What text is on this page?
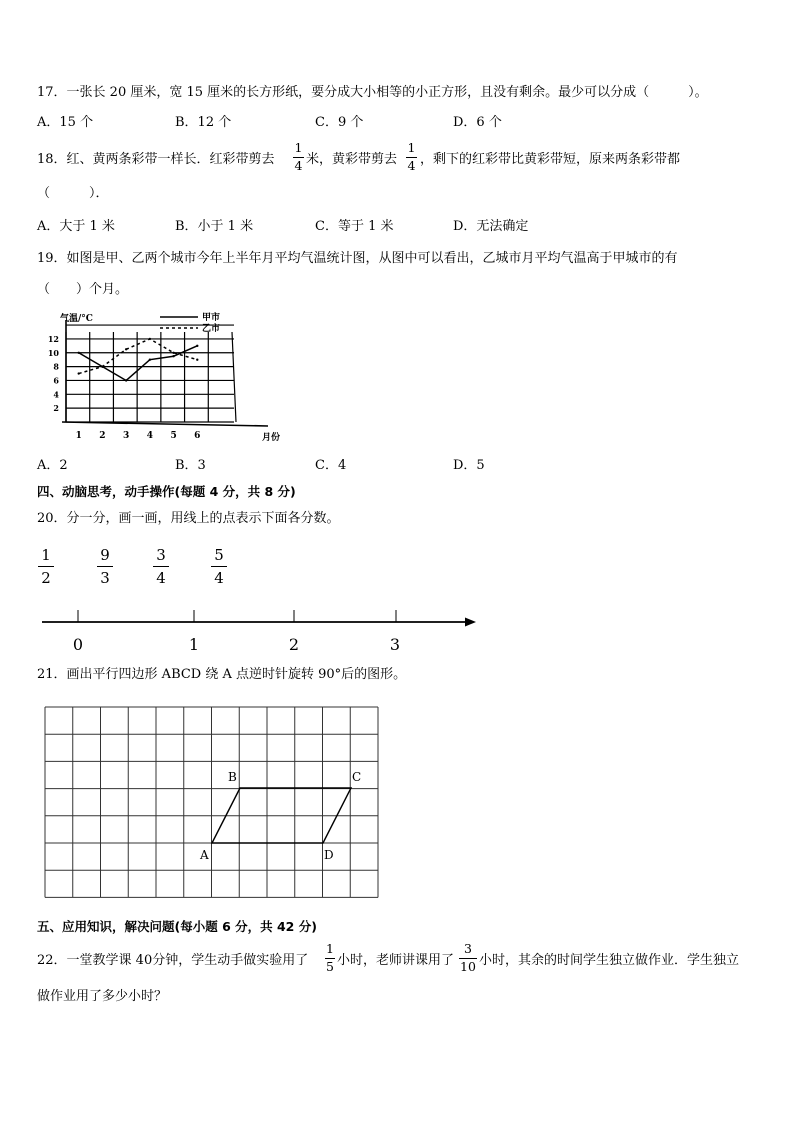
17．一张长 20 厘米，宽 15 厘米的长方形纸，要分成大小相等的小正方形，且没有剩余。最少可以分成（　　　）。
A．15 个	B．12 个	C．9 个	D．6 个
18．红、黄两条彩带一样长．红彩带剪去
1
4 米，黄彩带剪去
1
4 ，剩下的红彩带比黄彩带短，原来两条彩带都
（　　　）．
A．大于 1 米	B．小于 1 米	C．等于 1 米	D．无法确定
19．如图是甲、乙两个城市今年上半年月平均气温统计图，从图中可以看出，乙城市月平均气温高于甲城市的有
（　　）个月。
2
4
6
8
10
12
1 2 3 4 5 6	月份
气温/°C	甲市
乙市
A．2	B．3	C．4	D．5
四、动脑思考，动手操作(每题 4 分，共 8 分)
20．分一分，画一画，用线上的点表示下面各分数。
1
2
9
3
3
4
5
4
0	1	2	3
21．画出平行四边形 ABCD 绕 A 点逆时针旋转 90°后的图形。
A
B	C
D
五、应用知识，解决问题(每小题 6 分，共 42 分)
22．一堂教学课 40分钟，学生动手做实验用了
1
5 小时，老师讲课用了
3
10 小时，其余的时间学生独立做作业．学生独立
做作业用了多少小时？
